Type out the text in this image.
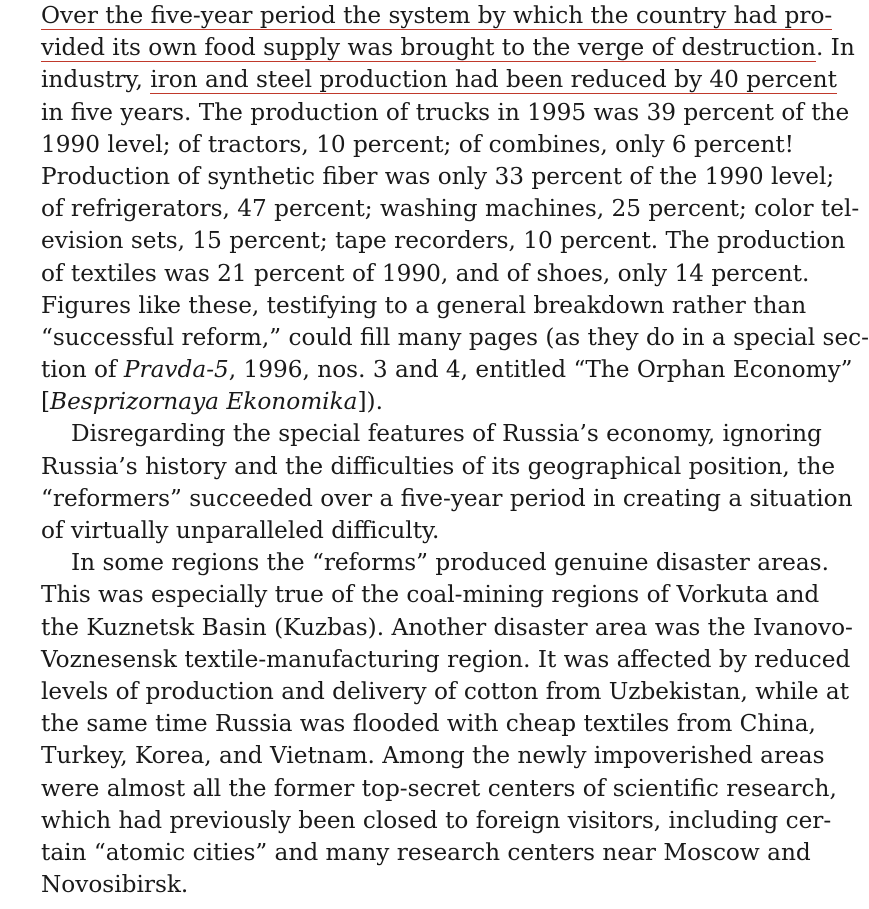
Over the five-year period the system by which the country had pro-
vided its own food supply was brought to the verge of destruction. In
industry, iron and steel production had been reduced by 40 percent
in five years. The production of trucks in 1995 was 39 percent of the
1990 level; of tractors, 10 percent; of combines, only 6 percent!
Production of synthetic fiber was only 33 percent of the 1990 level;
of refrigerators, 47 percent; washing machines, 25 percent; color tel-
evision sets, 15 percent; tape recorders, 10 percent. The production
of textiles was 21 percent of 1990, and of shoes, only 14 percent.
Figures like these, testifying to a general breakdown rather than
“successful reform,” could fill many pages (as they do in a special sec-
tion of Pravda-5, 1996, nos. 3 and 4, entitled “The Orphan Economy”
[Besprizornaya Ekonomika]).
Disregarding the special features of Russia’s economy, ignoring
Russia’s history and the difficulties of its geographical position, the
“reformers” succeeded over a five-year period in creating a situation
of virtually unparalleled difficulty.
In some regions the “reforms” produced genuine disaster areas.
This was especially true of the coal-mining regions of Vorkuta and
the Kuznetsk Basin (Kuzbas). Another disaster area was the Ivanovo-
Voznesensk textile-manufacturing region. It was affected by reduced
levels of production and delivery of cotton from Uzbekistan, while at
the same time Russia was flooded with cheap textiles from China,
Turkey, Korea, and Vietnam. Among the newly impoverished areas
were almost all the former top-secret centers of scientific research,
which had previously been closed to foreign visitors, including cer-
tain “atomic cities” and many research centers near Moscow and
Novosibirsk.
